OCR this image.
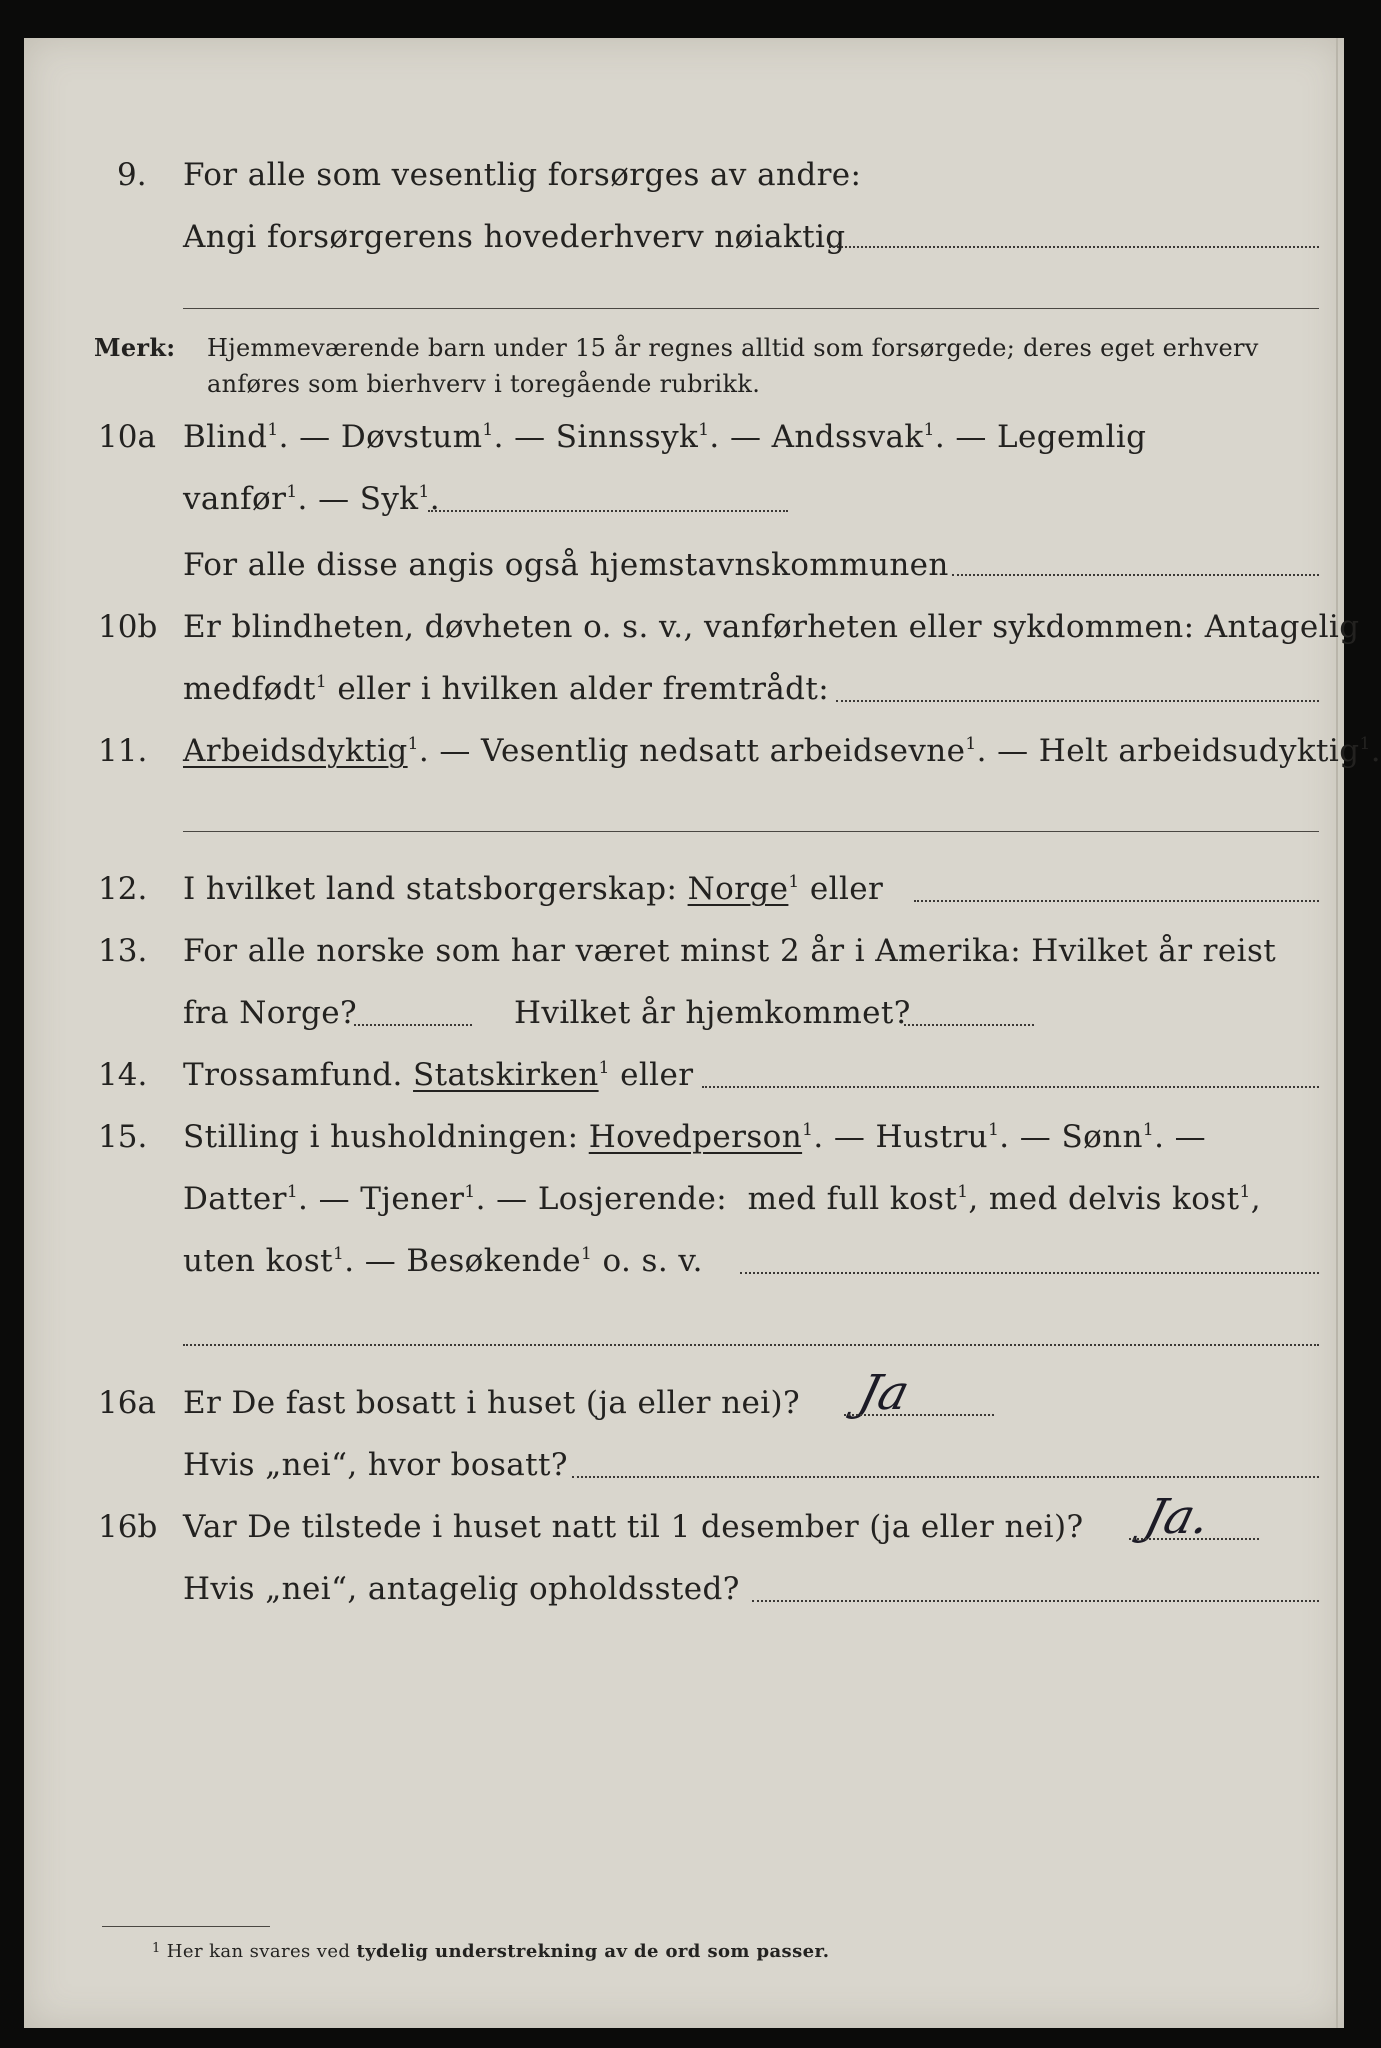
9. For alle som vesentlig forsørges av andre:
Angi forsørgerens hovederhverv nøiaktig
Merk: Hjemmeværende barn under 15 år regnes alltid som forsørgede; deres eget erhverv
anføres som bierhverv i toregående rubrikk.
10a Blind$^1$. — Døvstum$^1$. — Sinnssyk$^1$. — Andssvak$^1$. — Legemlig
vanfør$^1$. — Syk$^1$.
For alle disse angis også hjemstavnskommunen
10b Er blindheten, døvheten o. s. v., vanførheten eller sykdommen: Antagelig
medfødt$^1$ eller i hvilken alder fremtrådt:
11. Arbeidsdyktig$^1$. — Vesentlig nedsatt arbeidsevne$^1$. — Helt arbeidsudyktig$^1$.
12. I hvilket land statsborgerskap: Norge$^1$ eller
13. For alle norske som har været minst 2 år i Amerika: Hvilket år reist
fra Norge?	Hvilket år hjemkommet?
14. Trossamfund. Statskirken$^1$ eller
15. Stilling i husholdningen: Hovedperson$^1$. — Hustru$^1$. — Sønn$^1$. —
Datter$^1$. — Tjener$^1$. — Losjerende: med full kost$^1$, med delvis kost$^1$,
uten kost$^1$. — Besøkende$^1$ o. s. v.
16a Er De fast bosatt i huset (ja eller nei)? Ja
Hvis „nei“, hvor bosatt?
16b Var De tilstede i huset natt til 1 desember (ja eller nei)? Ja.
Hvis „nei“, antagelig opholdssted?
$^1$ Her kan svares ved tydelig understrekning av de ord som passer.
